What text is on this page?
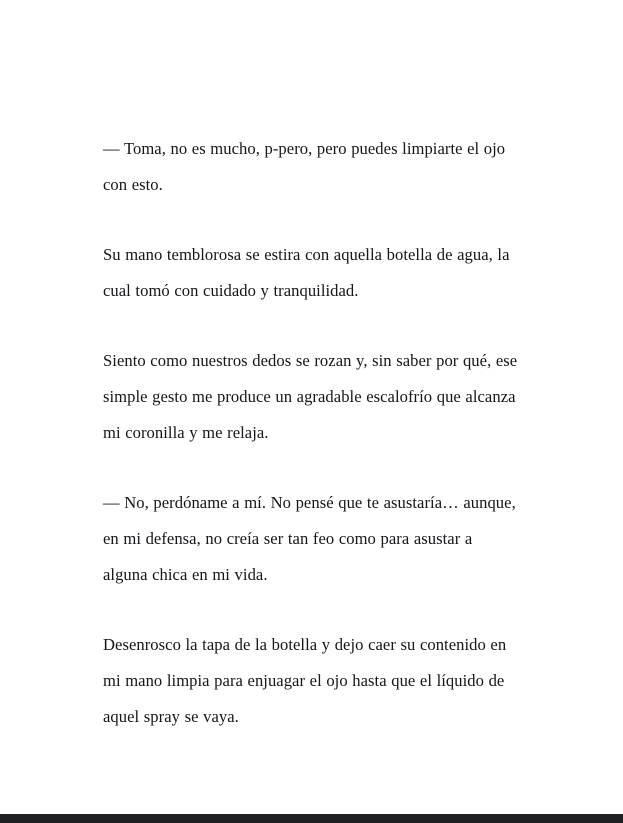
— Toma, no es mucho, p-pero, pero puedes limpiarte el ojo con esto.

Su mano temblorosa se estira con aquella botella de agua, la cual tomó con cuidado y tranquilidad.

Siento como nuestros dedos se rozan y, sin saber por qué, ese simple gesto me produce un agradable escalofrío que alcanza mi coronilla y me relaja.

— No, perdóname a mí. No pensé que te asustaría… aunque, en mi defensa, no creía ser tan feo como para asustar a alguna chica en mi vida.

Desenrosco la tapa de la botella y dejo caer su contenido en mi mano limpia para enjuagar el ojo hasta que el líquido de aquel spray se vaya.
